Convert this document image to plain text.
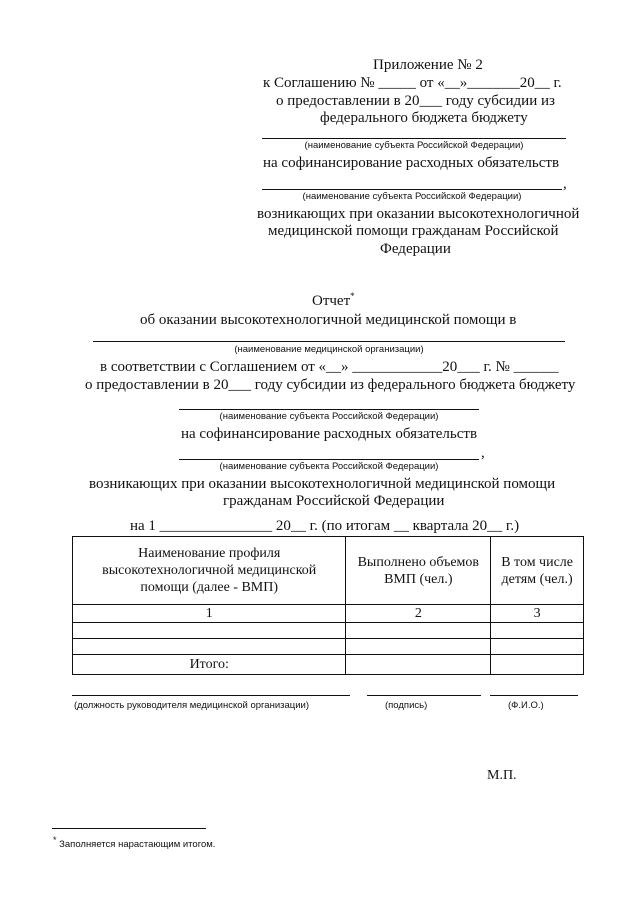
Приложение № 2
к Соглашению № _____ от «__»_______20__ г.
о предоставлении в 20___ году субсидии из
федерального бюджета бюджету
(наименование субъекта Российской Федерации)
на софинансирование расходных обязательств
,
(наименование субъекта Российской Федерации)
возникающих при оказании высокотехнологичной
медицинской помощи гражданам Российской
Федерации
Отчет*
об оказании высокотехнологичной медицинской помощи в
(наименование медицинской организации)
в соответствии с Соглашением от «__» ____________20___ г. № ______
о предоставлении в 20___ году субсидии из федерального бюджета бюджету
(наименование субъекта Российской Федерации)
на софинансирование расходных обязательств
,
(наименование субъекта Российской Федерации)
возникающих при оказании высокотехнологичной медицинской помощи
гражданам Российской Федерации
на 1 _______________ 20__ г. (по итогам __ квартала 20__ г.)
Наименование профиля высокотехнологичной медицинской помощи (далее - ВМП)	Выполнено объемов ВМП (чел.)	В том числе детям (чел.)
1	2	3

Итого:		
(должность руководителя медицинской организации)	(подпись)	(Ф.И.О.)
М.П.
* Заполняется нарастающим итогом.
